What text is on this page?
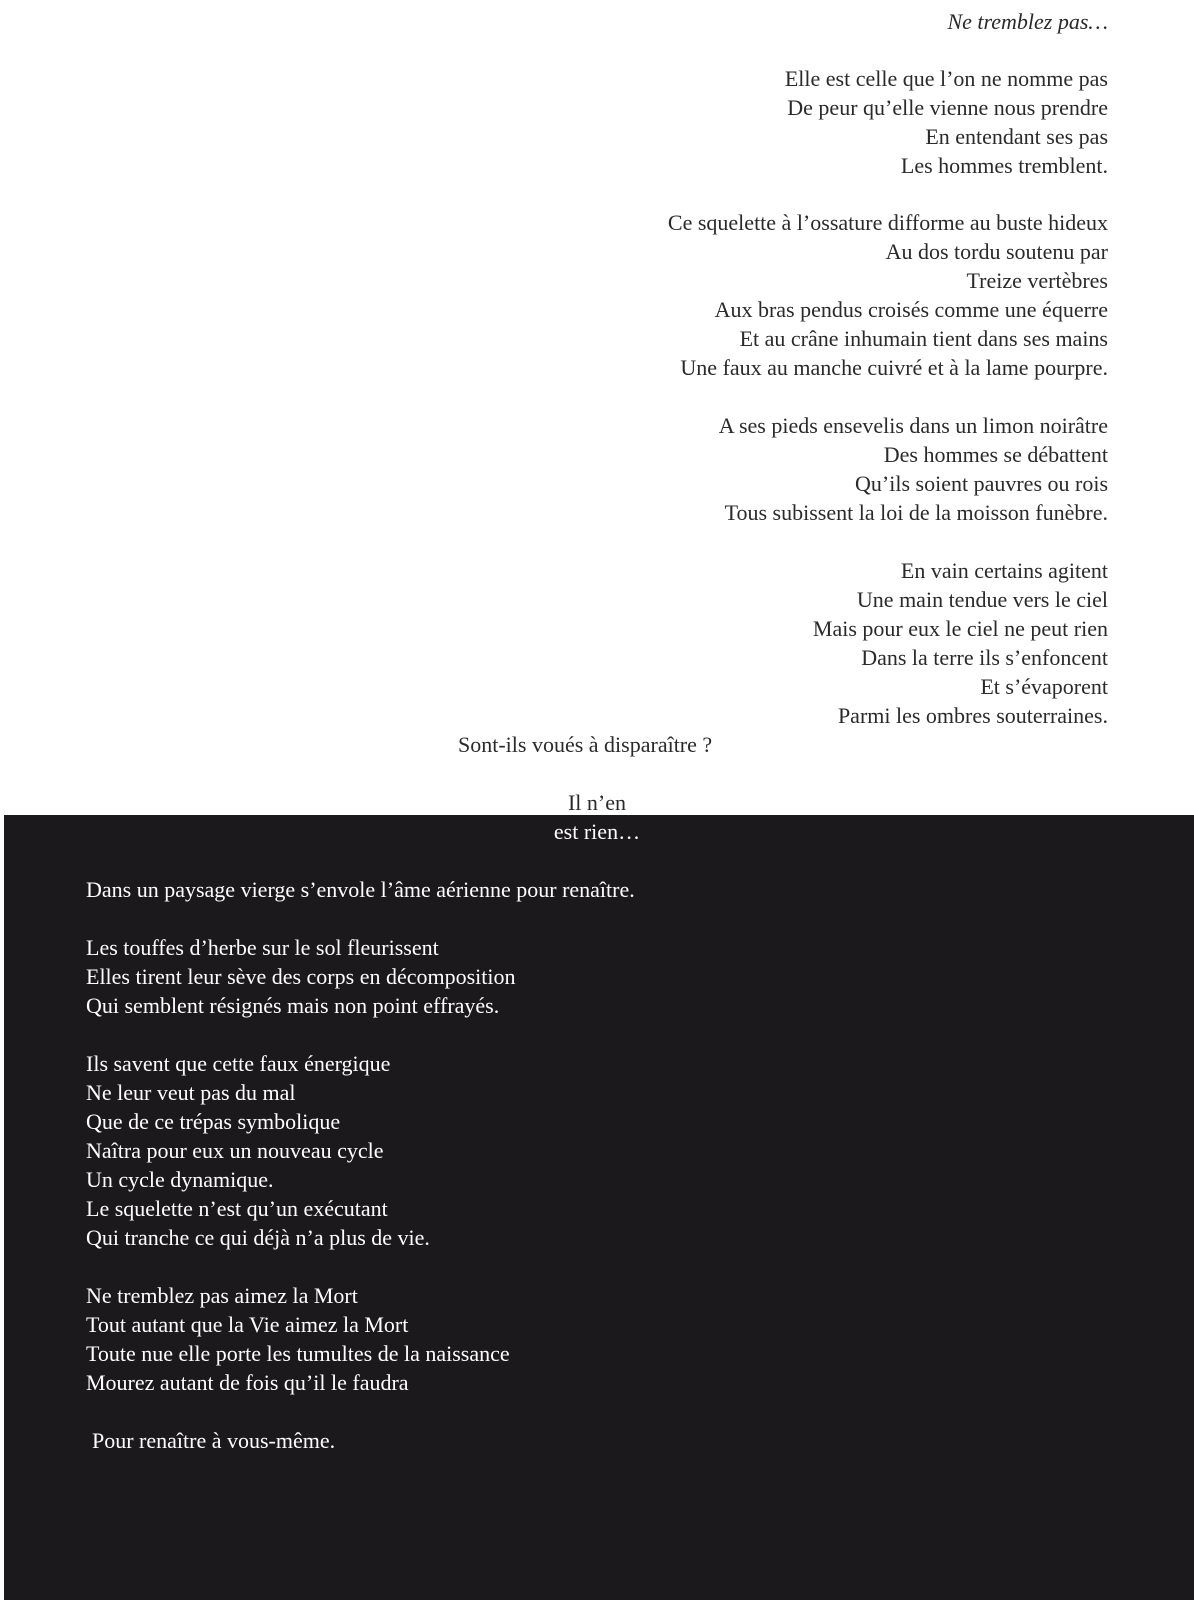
Ne tremblez pas…
Elle est celle que l’on ne nomme pas
De peur qu’elle vienne nous prendre
En entendant ses pas
Les hommes tremblent.
Ce squelette à l’ossature difforme au buste hideux
Au dos tordu soutenu par
Treize vertèbres
Aux bras pendus croisés comme une équerre
Et au crâne inhumain tient dans ses mains
Une faux au manche cuivré et à la lame pourpre.
A ses pieds ensevelis dans un limon noirâtre
Des hommes se débattent
Qu’ils soient pauvres ou rois
Tous subissent la loi de la moisson funèbre.
En vain certains agitent
Une main tendue vers le ciel
Mais pour eux le ciel ne peut rien
Dans la terre ils s’enfoncent
Et s’évaporent
Parmi les ombres souterraines.
Sont-ils voués à disparaître ?
Il n’en
est rien…
Dans un paysage vierge s’envole l’âme aérienne pour renaître.
Les touffes d’herbe sur le sol fleurissent
Elles tirent leur sève des corps en décomposition
Qui semblent résignés mais non point effrayés.
Ils savent que cette faux énergique
Ne leur veut pas du mal
Que de ce trépas symbolique
Naîtra pour eux un nouveau cycle
Un cycle dynamique.
Le squelette n’est qu’un exécutant
Qui tranche ce qui déjà n’a plus de vie.
Ne tremblez pas aimez la Mort
Tout autant que la Vie aimez la Mort
Toute nue elle porte les tumultes de la naissance
Mourez autant de fois qu’il le faudra
Pour renaître à vous-même.
